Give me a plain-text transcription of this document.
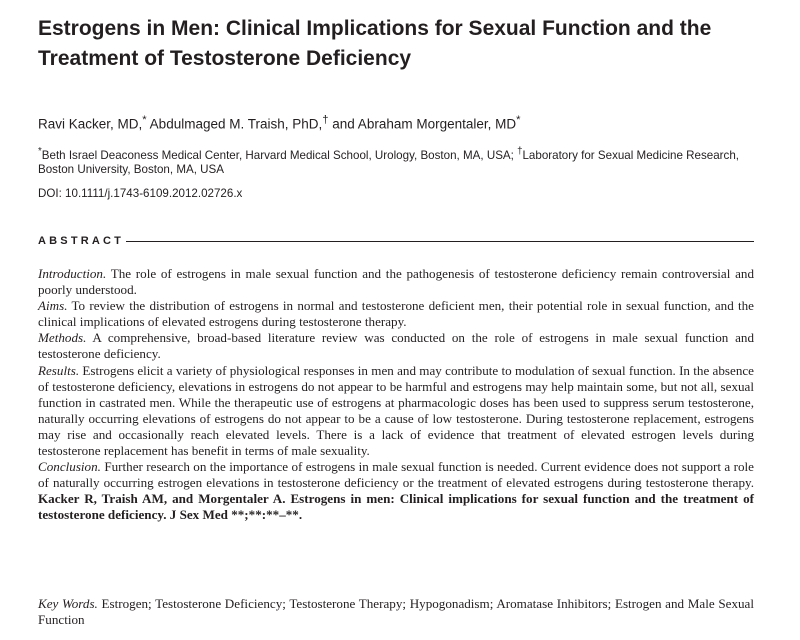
Estrogens in Men: Clinical Implications for Sexual Function and the Treatment of Testosterone Deficiency
Ravi Kacker, MD,* Abdulmaged M. Traish, PhD,† and Abraham Morgentaler, MD*
*Beth Israel Deaconess Medical Center, Harvard Medical School, Urology, Boston, MA, USA; †Laboratory for Sexual Medicine Research, Boston University, Boston, MA, USA
DOI: 10.1111/j.1743-6109.2012.02726.x
ABSTRACT

Introduction. The role of estrogens in male sexual function and the pathogenesis of testosterone deficiency remain controversial and poorly understood.

Aims. To review the distribution of estrogens in normal and testosterone deficient men, their potential role in sexual function, and the clinical implications of elevated estrogens during testosterone therapy.

Methods. A comprehensive, broad-based literature review was conducted on the role of estrogens in male sexual function and testosterone deficiency.

Results. Estrogens elicit a variety of physiological responses in men and may contribute to modulation of sexual function. In the absence of testosterone deficiency, elevations in estrogens do not appear to be harmful and estrogens may help maintain some, but not all, sexual function in castrated men. While the therapeutic use of estrogens at pharmacologic doses has been used to suppress serum testosterone, naturally occurring elevations of estrogens do not appear to be a cause of low testosterone. During testosterone replacement, estrogens may rise and occasionally reach elevated levels. There is a lack of evidence that treatment of elevated estrogen levels during testosterone replacement has benefit in terms of male sexuality.

Conclusion. Further research on the importance of estrogens in male sexual function is needed. Current evidence does not support a role of naturally occurring estrogen elevations in testosterone deficiency or the treatment of elevated estrogens during testosterone therapy. Kacker R, Traish AM, and Morgentaler A. Estrogens in men: Clinical implications for sexual function and the treatment of testosterone deficiency. J Sex Med **;**:**–**.

Key Words. Estrogen; Testosterone Deficiency; Testosterone Therapy; Hypogonadism; Aromatase Inhibitors; Estrogen and Male Sexual Function
